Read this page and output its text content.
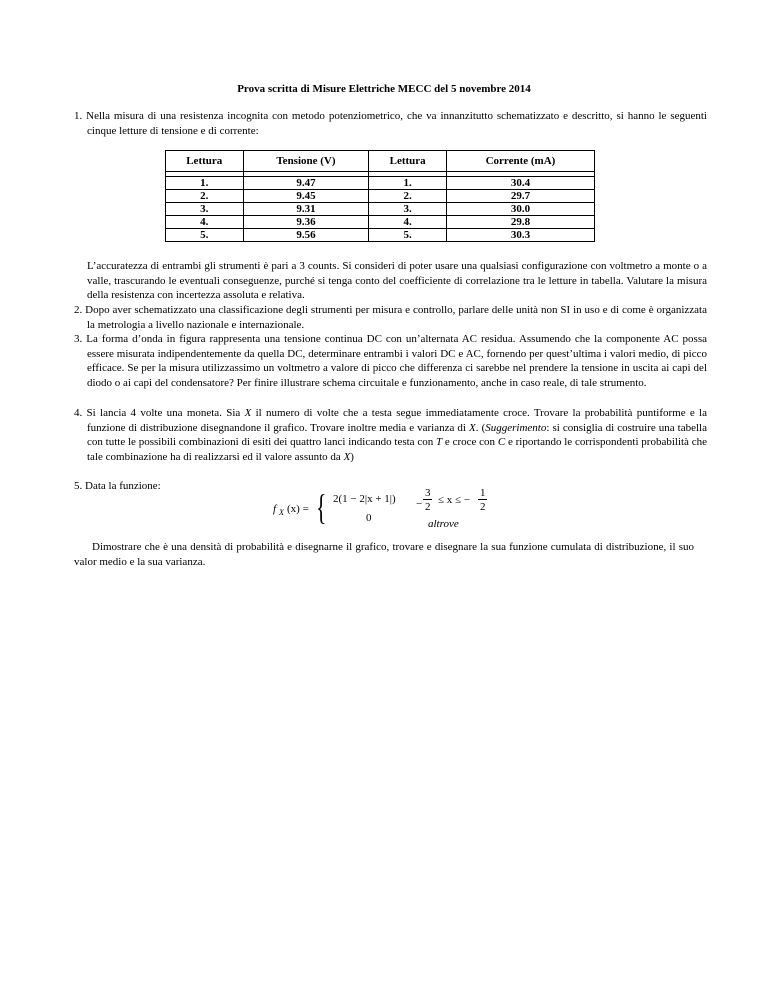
Prova scritta di Misure Elettriche MECC del 5 novembre 2014
1. Nella misura di una resistenza incognita con metodo potenziometrico, che va innanzitutto schematizzato e descritto, si hanno le seguenti cinque letture di tensione e di corrente:
Lettura	Tensione (V)	Lettura	Corrente (mA)

1.	9.47	1.	30.4
2.	9.45	2.	29.7
3.	9.31	3.	30.0
4.	9.36	4.	29.8
5.	9.56	5.	30.3
L’accuratezza di entrambi gli strumenti è pari a 3 counts. Si consideri di poter usare una qualsiasi configurazione con voltmetro a monte o a valle, trascurando le eventuali conseguenze, purché si tenga conto del coefficiente di correlazione tra le letture in tabella. Valutare la misura della resistenza con incertezza assoluta e relativa.
2. Dopo aver schematizzato una classificazione degli strumenti per misura e controllo, parlare delle unità non SI in uso e di come è organizzata la metrologia a livello nazionale e internazionale.
3. La forma d’onda in figura rappresenta una tensione continua DC con un’alternata AC residua. Assumendo che la componente AC possa essere misurata indipendentemente da quella DC, determinare entrambi i valori DC e AC, fornendo per quest’ultima i valori medio, di picco efficace. Se per la misura utilizzassimo un voltmetro a valore di picco che differenza ci sarebbe nel prendere la tensione in uscita ai capi del diodo o ai capi del condensatore? Per finire illustrare schema circuitale e funzionamento, anche in caso reale, di tale strumento.
4. Si lancia 4 volte una moneta. Sia X il numero di volte che a testa segue immediatamente croce. Trovare la probabilità puntiforme e la funzione di distribuzione disegnandone il grafico. Trovare inoltre media e varianza di X. (Suggerimento: si consiglia di costruire una tabella con tutte le possibili combinazioni di esiti dei quattro lanci indicando testa con T e croce con C e riportando le corrispondenti probabilità che tale combinazione ha di realizzarsi ed il valore assunto da X)
5. Data la funzione:
f X (x) = { 2(1 − 2|x + 1|) −
3
2
≤ x ≤ −
1
2
0	altrove
Dimostrare che è una densità di probabilità e disegnarne il grafico, trovare e disegnare la sua funzione cumulata di distribuzione, il suo valor medio e la sua varianza.
